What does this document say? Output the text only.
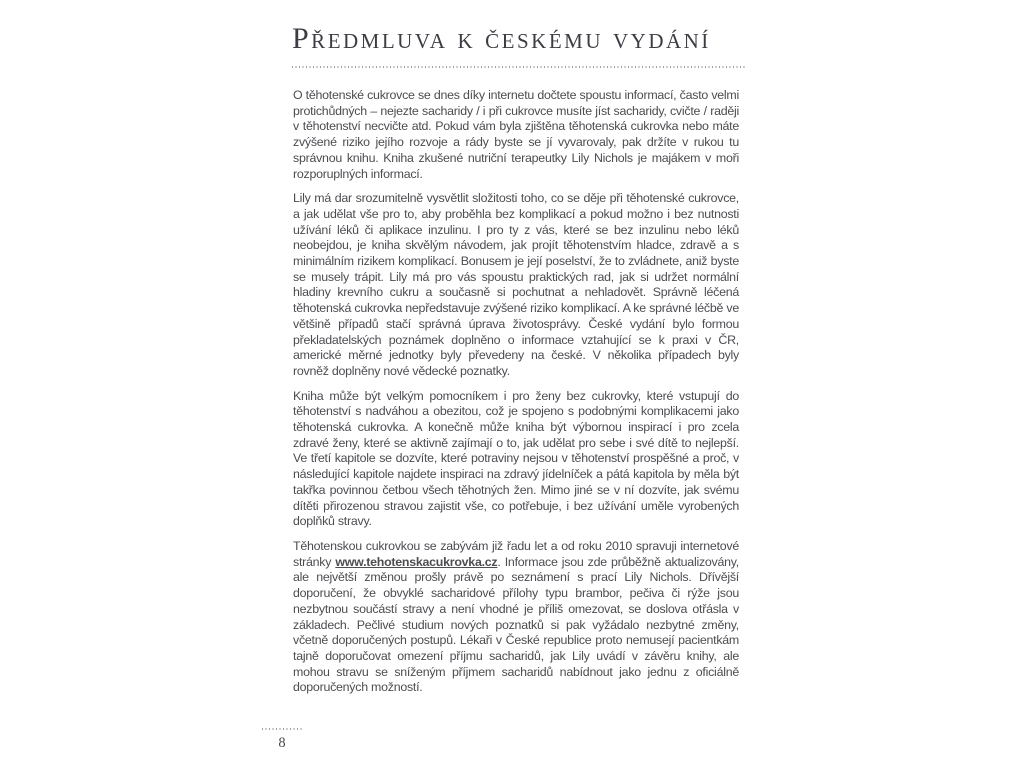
Předmluva k českému vydání

O těhotenské cukrovce se dnes díky internetu dočtete spoustu informací, často velmi protichůdných – nejezte sacharidy / i při cukrovce musíte jíst sacharidy, cvičte / raději v těhotenství necvičte atd. Pokud vám byla zjištěna těhotenská cukrovka nebo máte zvýšené riziko jejího rozvoje a rády byste se jí vyvarovaly, pak držíte v rukou tu správnou knihu. Kniha zkušené nutriční terapeutky Lily Nichols je majákem v moři rozporuplných informací.

Lily má dar srozumitelně vysvětlit složitosti toho, co se děje při těhotenské cukrovce, a jak udělat vše pro to, aby proběhla bez komplikací a pokud možno i bez nutnosti užívání léků či aplikace inzulinu. I pro ty z vás, které se bez inzulinu nebo léků neobejdou, je kniha skvělým návodem, jak projít těhotenstvím hladce, zdravě a s minimálním rizikem komplikací. Bonusem je její poselství, že to zvládnete, aniž byste se musely trápit. Lily má pro vás spoustu praktických rad, jak si udržet normální hladiny krevního cukru a současně si pochutnat a nehladovět. Správně léčená těhotenská cukrovka nepředstavuje zvýšené riziko komplikací. A ke správné léčbě ve většině případů stačí správná úprava životosprávy. České vydání bylo formou překladatelských poznámek doplněno o informace vztahující se k praxi v ČR, americké měrné jednotky byly převedeny na české. V několika případech byly rovněž doplněny nové vědecké poznatky.

Kniha může být velkým pomocníkem i pro ženy bez cukrovky, které vstupují do těhotenství s nadváhou a obezitou, což je spojeno s podobnými komplikacemi jako těhotenská cukrovka. A konečně může kniha být výbornou inspirací i pro zcela zdravé ženy, které se aktivně zajímají o to, jak udělat pro sebe i své dítě to nejlepší. Ve třetí kapitole se dozvíte, které potraviny nejsou v těhotenství prospěšné a proč, v následující kapitole najdete inspiraci na zdravý jídelníček a pátá kapitola by měla být takřka povinnou četbou všech těhotných žen. Mimo jiné se v ní dozvíte, jak svému dítěti přirozenou stravou zajistit vše, co potřebuje, i bez užívání uměle vyrobených doplňků stravy.

Těhotenskou cukrovkou se zabývám již řadu let a od roku 2010 spravuji internetové stránky www.tehotenskacukrovka.cz. Informace jsou zde průběžně aktualizovány, ale největší změnou prošly právě po seznámení s prací Lily Nichols. Dřívější doporučení, že obvyklé sacharidové přílohy typu brambor, pečiva či rýže jsou nezbytnou součástí stravy a není vhodné je příliš omezovat, se doslova otřásla v základech. Pečlivé studium nových poznatků si pak vyžádalo nezbytné změny, včetně doporučených postupů. Lékaři v České republice proto nemusejí pacientkám tajně doporučovat omezení příjmu sacharidů, jak Lily uvádí v závěru knihy, ale mohou stravu se sníženým příjmem sacharidů nabídnout jako jednu z oficiálně doporučených možností.

8
